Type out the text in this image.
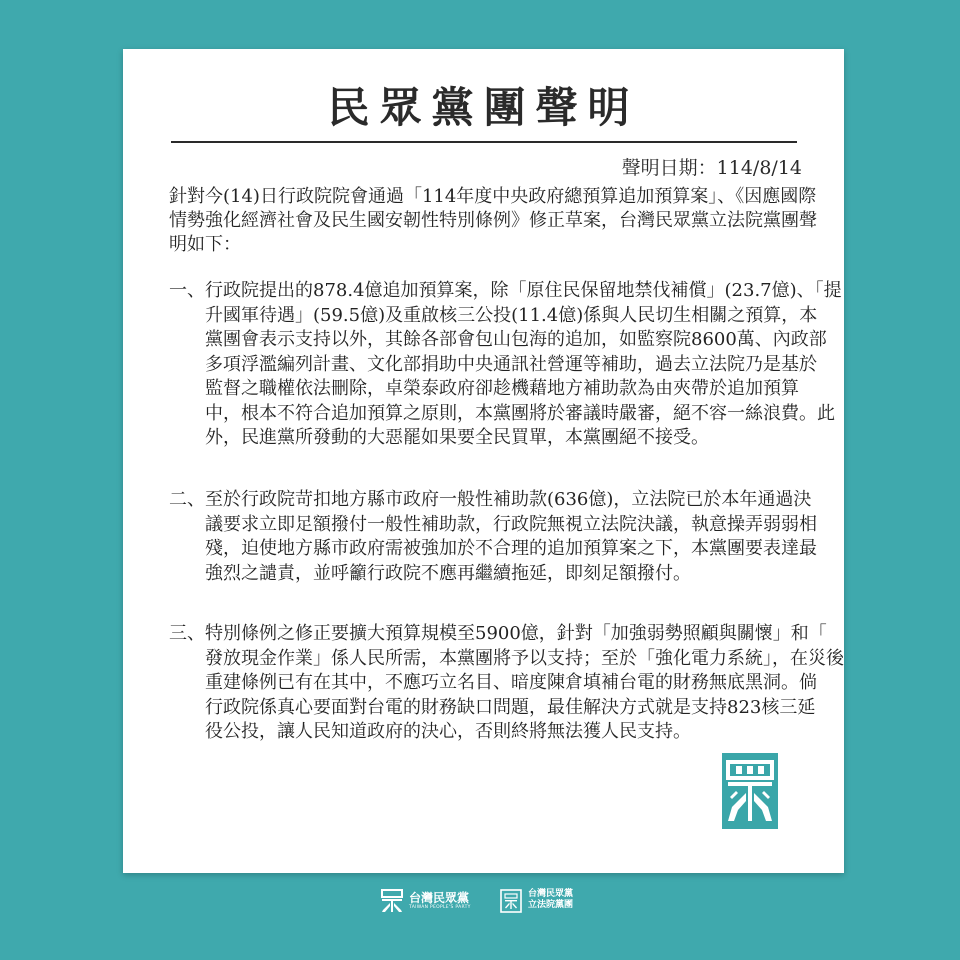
民眾黨團聲明
聲明日期：114/8/14
針對今(14)日行政院院會通過「114年度中央政府總預算追加預算案」、《因應國際
情勢強化經濟社會及民生國安韌性特別條例》修正草案，台灣民眾黨立法院黨團聲
明如下：
一、 行政院提出的878.4億追加預算案，除「原住民保留地禁伐補償」(23.7億)、「提
升國軍待遇」(59.5億)及重啟核三公投(11.4億)係與人民切生相關之預算，本
黨團會表示支持以外，其餘各部會包山包海的追加，如監察院8600萬、內政部
多項浮濫編列計畫、文化部捐助中央通訊社營運等補助，過去立法院乃是基於
監督之職權依法刪除，卓榮泰政府卻趁機藉地方補助款為由夾帶於追加預算
中，根本不符合追加預算之原則，本黨團將於審議時嚴審，絕不容一絲浪費。此
外，民進黨所發動的大惡罷如果要全民買單，本黨團絕不接受。
二、 至於行政院苛扣地方縣市政府一般性補助款(636億)，立法院已於本年通過決
議要求立即足額撥付一般性補助款，行政院無視立法院決議，執意操弄弱弱相
殘，迫使地方縣市政府需被強加於不合理的追加預算案之下，本黨團要表達最
強烈之譴責，並呼籲行政院不應再繼續拖延，即刻足額撥付。
三、 特別條例之修正要擴大預算規模至5900億，針對「加強弱勢照顧與關懷」和「
發放現金作業」係人民所需，本黨團將予以支持；至於「強化電力系統」，在災後
重建條例已有在其中，不應巧立名目、暗度陳倉填補台電的財務無底黑洞。倘
行政院係真心要面對台電的財務缺口問題，最佳解決方式就是支持823核三延
役公投，讓人民知道政府的決心，否則終將無法獲人民支持。
台灣民眾黨
TAIWAN PEOPLE'S PARTY
台灣民眾黨
立法院黨團
